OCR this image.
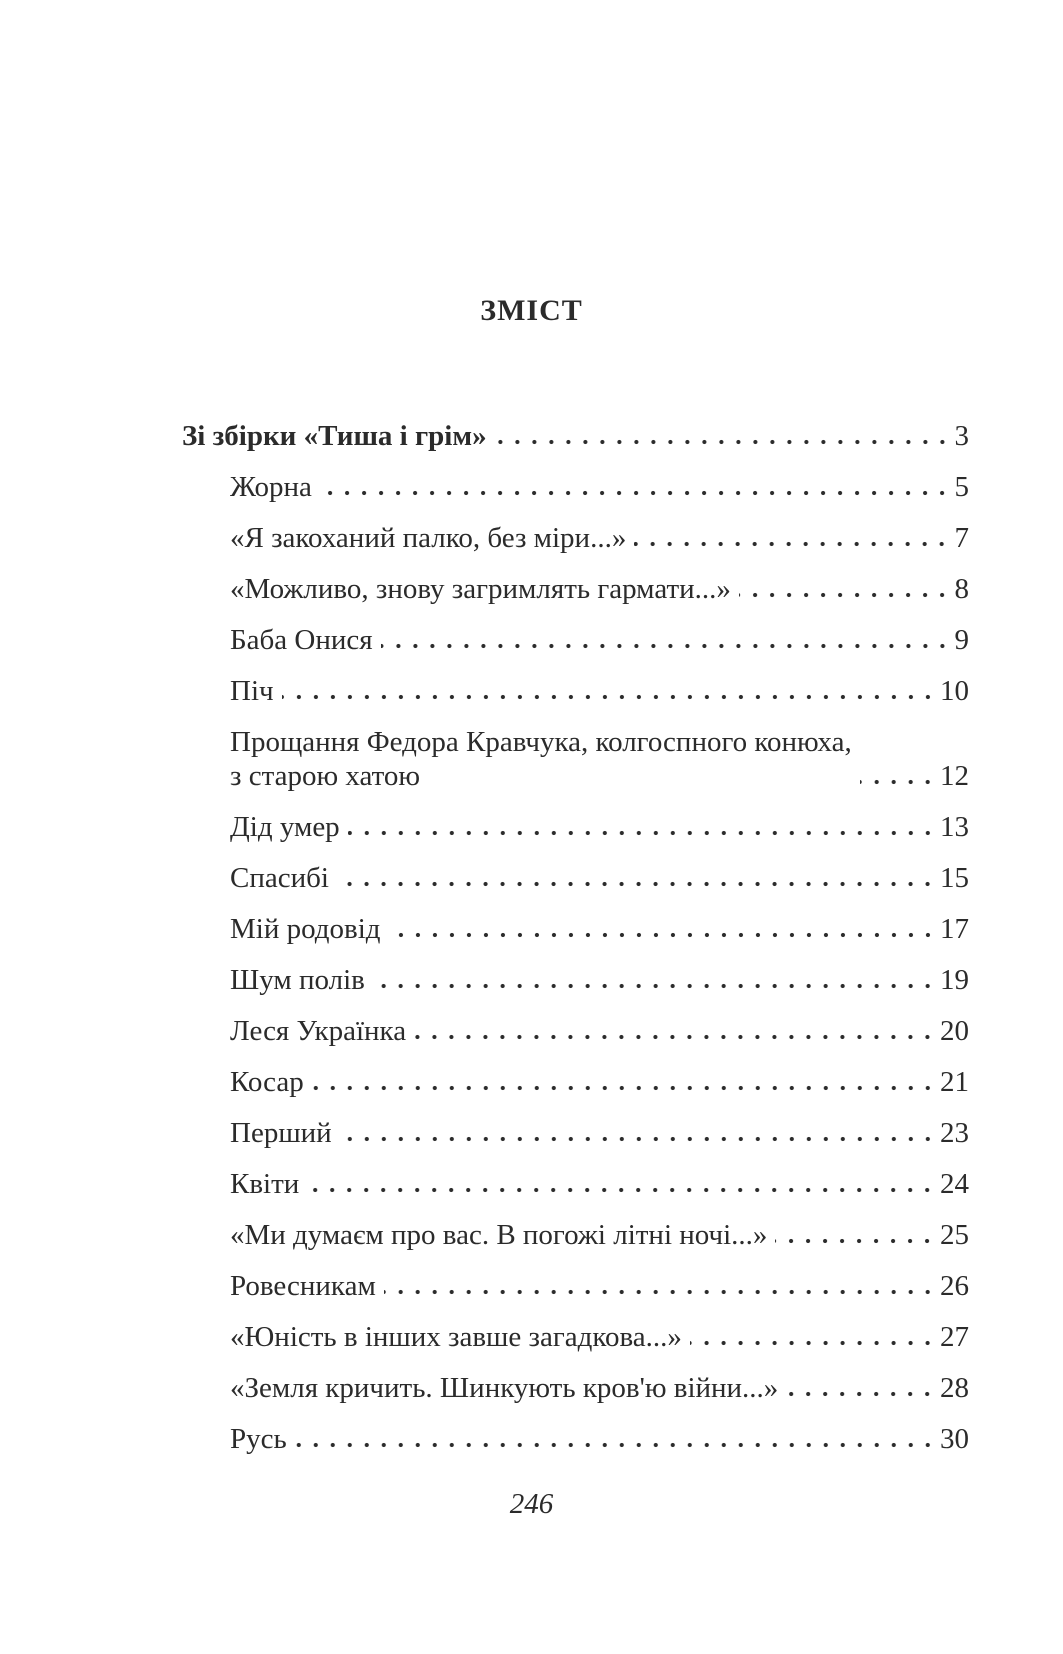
ЗМІСТ
Зі збірки «Тиша і грім»	3
Жорна	5
«Я закоханий палко, без міри...»	7
«Можливо, знову загримлять гармати...»	8
Баба Онися	9
Піч	10
Прощання Федора Кравчука, колгоспного конюха,
з старою хатою	12
Дід умер	13
Спасибі	15
Мій родовід	17
Шум полів	19
Леся Українка	20
Косар	21
Перший	23
Квіти	24
«Ми думаєм про вас. В погожі літні ночі...»	25
Ровесникам	26
«Юність в інших завше загадкова...»	27
«Земля кричить. Шинкують кров'ю війни...»	28
Русь	30
246
